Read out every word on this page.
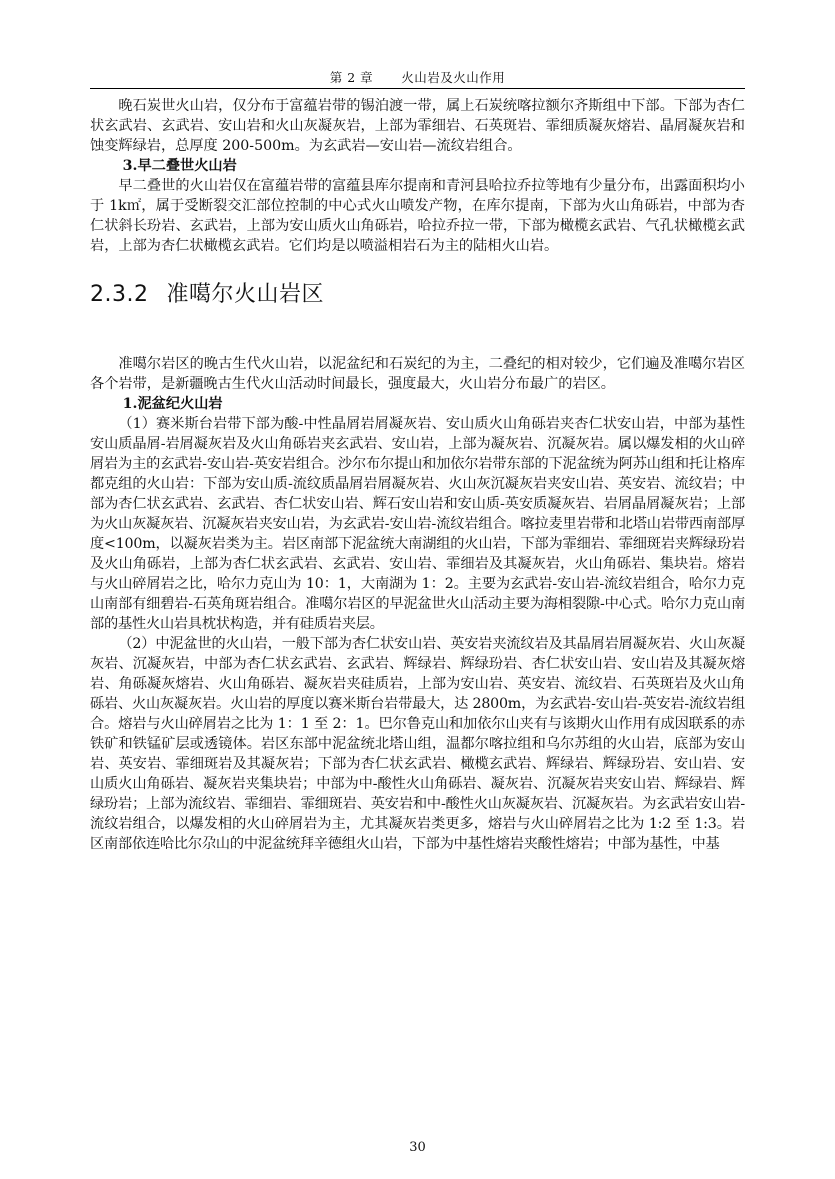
第 2 章 火山岩及火山作用

晚石炭世火山岩，仅分布于富蕴岩带的锡泊渡一带，属上石炭统喀拉额尔齐斯组中下部。下部为杏仁状玄武岩、玄武岩、安山岩和火山灰凝灰岩，上部为霏细岩、石英斑岩、霏细质凝灰熔岩、晶屑凝灰岩和蚀变辉绿岩，总厚度 200-500m。为玄武岩—安山岩—流纹岩组合。

3.早二叠世火山岩

早二叠世的火山岩仅在富蕴岩带的富蕴县库尔提南和青河县哈拉乔拉等地有少量分布，出露面积均小于 1k㎡，属于受断裂交汇部位控制的中心式火山喷发产物，在库尔提南，下部为火山角砾岩，中部为杏仁状斜长玢岩、玄武岩，上部为安山质火山角砾岩，哈拉乔拉一带，下部为橄榄玄武岩、气孔状橄榄玄武岩，上部为杏仁状橄榄玄武岩。它们均是以喷溢相岩石为主的陆相火山岩。

2.3.2 准噶尔火山岩区

准噶尔岩区的晚古生代火山岩，以泥盆纪和石炭纪的为主，二叠纪的相对较少，它们遍及准噶尔岩区各个岩带，是新疆晚古生代火山活动时间最长，强度最大，火山岩分布最广的岩区。

1.泥盆纪火山岩

（1）赛米斯台岩带下部为酸-中性晶屑岩屑凝灰岩、安山质火山角砾岩夹杏仁状安山岩，中部为基性安山质晶屑-岩屑凝灰岩及火山角砾岩夹玄武岩、安山岩，上部为凝灰岩、沉凝灰岩。属以爆发相的火山碎屑岩为主的玄武岩-安山岩-英安岩组合。沙尔布尔提山和加依尔岩带东部的下泥盆统为阿苏山组和托让格库都克组的火山岩：下部为安山质-流纹质晶屑岩屑凝灰岩、火山灰沉凝灰岩夹安山岩、英安岩、流纹岩；中部为杏仁状玄武岩、玄武岩、杏仁状安山岩、辉石安山岩和安山质-英安质凝灰岩、岩屑晶屑凝灰岩；上部为火山灰凝灰岩、沉凝灰岩夹安山岩，为玄武岩-安山岩-流纹岩组合。喀拉麦里岩带和北塔山岩带西南部厚度<100m，以凝灰岩类为主。岩区南部下泥盆统大南湖组的火山岩，下部为霏细岩、霏细斑岩夹辉绿玢岩及火山角砾岩，上部为杏仁状玄武岩、玄武岩、安山岩、霏细岩及其凝灰岩，火山角砾岩、集块岩。熔岩与火山碎屑岩之比，哈尔力克山为 10：1，大南湖为 1：2。主要为玄武岩-安山岩-流纹岩组合，哈尔力克山南部有细碧岩-石英角斑岩组合。准噶尔岩区的早泥盆世火山活动主要为海相裂隙-中心式。哈尔力克山南部的基性火山岩具枕状构造，并有硅质岩夹层。

（2）中泥盆世的火山岩，一般下部为杏仁状安山岩、英安岩夹流纹岩及其晶屑岩屑凝灰岩、火山灰凝灰岩、沉凝灰岩，中部为杏仁状玄武岩、玄武岩、辉绿岩、辉绿玢岩、杏仁状安山岩、安山岩及其凝灰熔岩、角砾凝灰熔岩、火山角砾岩、凝灰岩夹硅质岩，上部为安山岩、英安岩、流纹岩、石英斑岩及火山角砾岩、火山灰凝灰岩。火山岩的厚度以赛米斯台岩带最大，达 2800m，为玄武岩-安山岩-英安岩-流纹岩组合。熔岩与火山碎屑岩之比为 1：1 至 2：1。巴尔鲁克山和加依尔山夹有与该期火山作用有成因联系的赤铁矿和铁锰矿层或透镜体。岩区东部中泥盆统北塔山组，温都尔喀拉组和乌尔苏组的火山岩，底部为安山岩、英安岩、霏细斑岩及其凝灰岩；下部为杏仁状玄武岩、橄榄玄武岩、辉绿岩、辉绿玢岩、安山岩、安山质火山角砾岩、凝灰岩夹集块岩；中部为中-酸性火山角砾岩、凝灰岩、沉凝灰岩夹安山岩、辉绿岩、辉绿玢岩；上部为流纹岩、霏细岩、霏细斑岩、英安岩和中-酸性火山灰凝灰岩、沉凝灰岩。为玄武岩安山岩-流纹岩组合，以爆发相的火山碎屑岩为主，尤其凝灰岩类更多，熔岩与火山碎屑岩之比为 1:2 至 1:3。岩区南部依连哈比尔尕山的中泥盆统拜辛德组火山岩，下部为中基性熔岩夹酸性熔岩；中部为基性，中基

30
